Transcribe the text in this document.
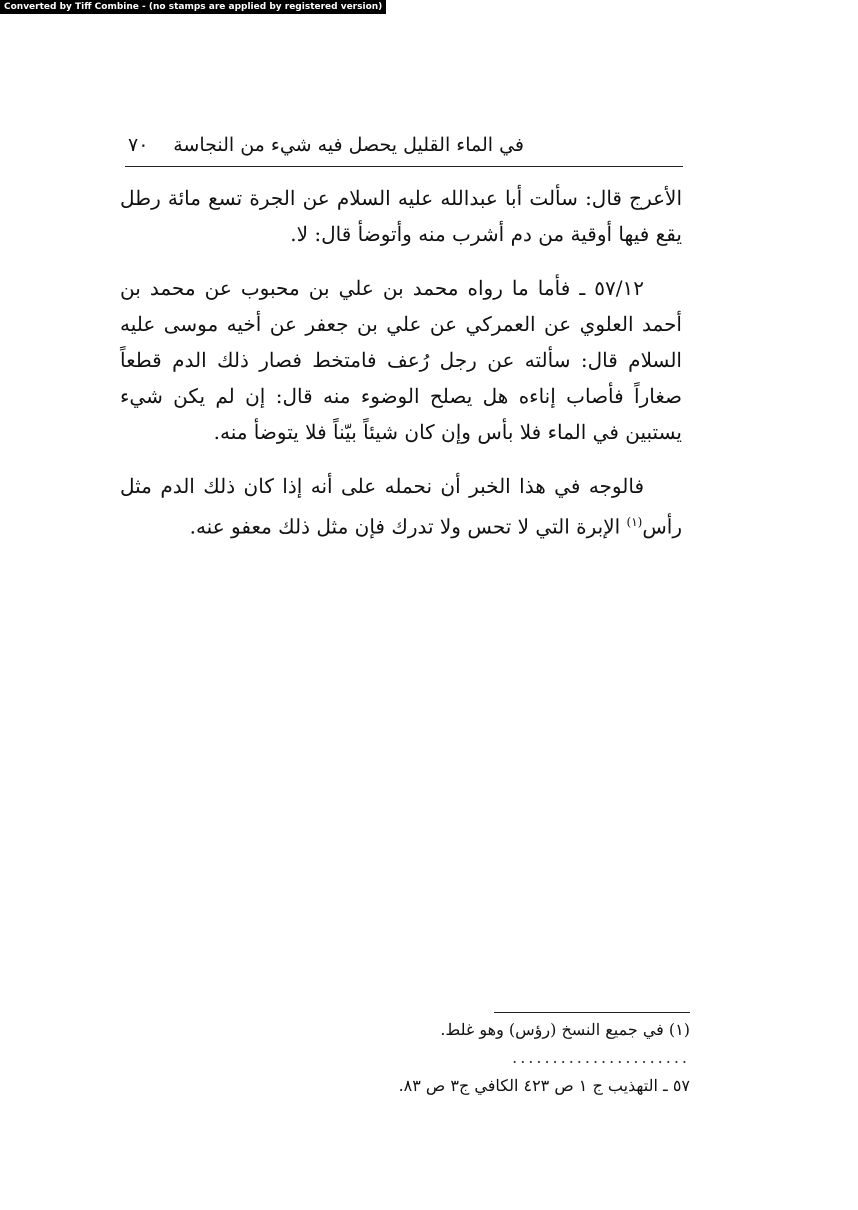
Converted by Tiff Combine - (no stamps are applied by registered version)
في الماء القليل يحصل فيه شيء من النجاسة
٧٠

الأعرج قال: سألت أبا عبدالله عليه السلام عن الجرة تسع مائة رطل يقع فيها أوقية من دم أشرب منه وأتوضأ قال: لا.

٥٧/١٢ ـ فأما ما رواه محمد بن علي بن محبوب عن محمد بن أحمد العلوي عن العمركي عن علي بن جعفر عن أخيه موسى عليه السلام قال: سألته عن رجل رُعف فامتخط فصار ذلك الدم قطعاً صغاراً فأصاب إناءه هل يصلح الوضوء منه قال: إن لم يكن شيء يستبين في الماء فلا بأس وإن كان شيئاً بيّناً فلا يتوضأ منه.

فالوجه في هذا الخبر أن نحمله على أنه إذا كان ذلك الدم مثل رأس$^{(١)}$ الإبرة التي لا تحس ولا تدرك فإن مثل ذلك معفو عنه.

(١) في جميع النسخ (رؤس) وهو غلط.

......................

٥٧ ـ التهذيب ج ١ ص ٤٢٣ الكافي ج٣ ص ٨٣.
